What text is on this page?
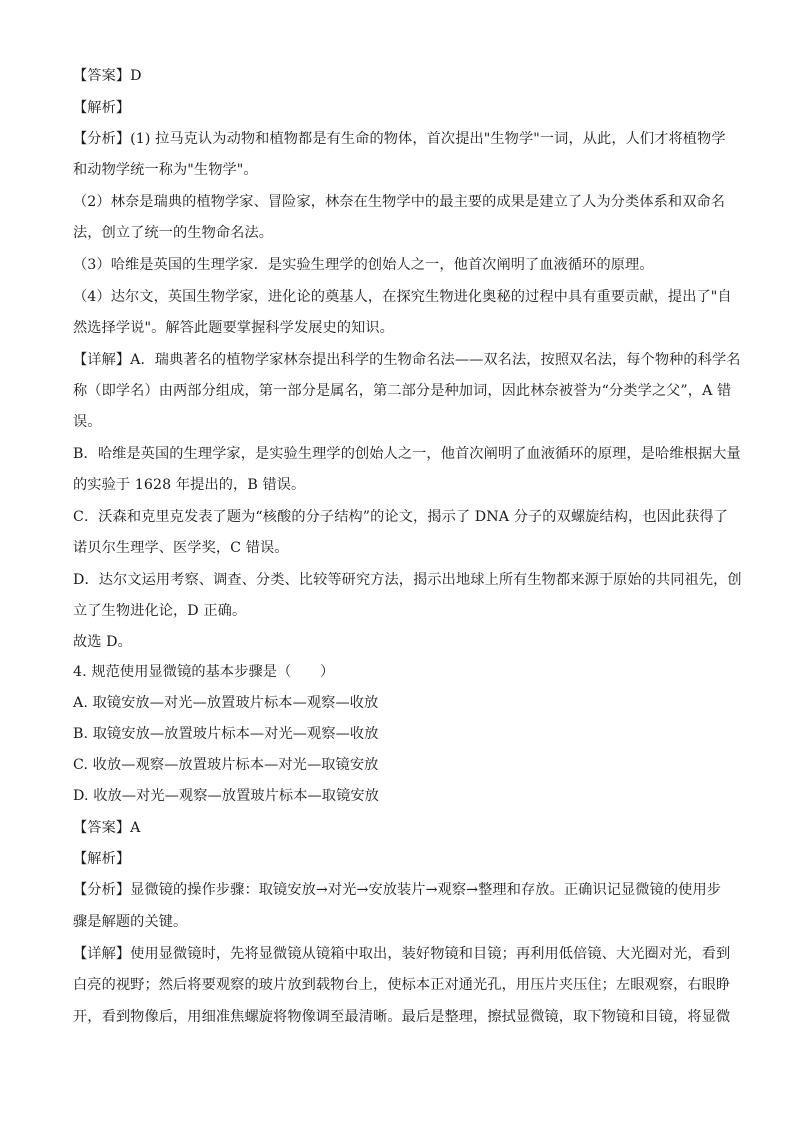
【答案】D
【解析】
【分析】(1) 拉马克认为动物和植物都是有生命的物体，首次提出"生物学"一词，从此，人们才将植物学
和动物学统一称为"生物学"。
（2）林奈是瑞典的植物学家、冒险家，林奈在生物学中的最主要的成果是建立了人为分类体系和双命名
法，创立了统一的生物命名法。
（3）哈维是英国的生理学家．是实验生理学的创始人之一，他首次阐明了血液循环的原理。
（4）达尔文，英国生物学家，进化论的奠基人，在探究生物进化奥秘的过程中具有重要贡献，提出了"自
然选择学说"。解答此题要掌握科学发展史的知识。
【详解】A．瑞典著名的植物学家林奈提出科学的生物命名法——双名法，按照双名法，每个物种的科学名
称（即学名）由两部分组成，第一部分是属名，第二部分是种加词，因此林奈被誉为“分类学之父”，A 错
误。
B．哈维是英国的生理学家，是实验生理学的创始人之一，他首次阐明了血液循环的原理，是哈维根据大量
的实验于 1628 年提出的，B 错误。
C．沃森和克里克发表了题为“核酸的分子结构”的论文，揭示了 DNA 分子的双螺旋结构，也因此获得了
诺贝尔生理学、医学奖，C 错误。
D．达尔文运用考察、调查、分类、比较等研究方法，揭示出地球上所有生物都来源于原始的共同祖先，创
立了生物进化论，D 正确。
故选 D。
4. 规范使用显微镜的基本步骤是（　　）
A. 取镜安放—对光—放置玻片标本—观察—收放
B. 取镜安放—放置玻片标本—对光—观察—收放
C. 收放—观察—放置玻片标本—对光—取镜安放
D. 收放—对光—观察—放置玻片标本—取镜安放
【答案】A
【解析】
【分析】显微镜的操作步骤：取镜安放→对光→安放装片→观察→整理和存放。正确识记显微镜的使用步
骤是解题的关键。
【详解】使用显微镜时，先将显微镜从镜箱中取出，装好物镜和目镜；再利用低倍镜、大光圈对光，看到
白亮的视野；然后将要观察的玻片放到载物台上，使标本正对通光孔，用压片夹压住；左眼观察，右眼睁
开，看到物像后，用细准焦螺旋将物像调至最清晰。最后是整理，擦拭显微镜，取下物镜和目镜，将显微
